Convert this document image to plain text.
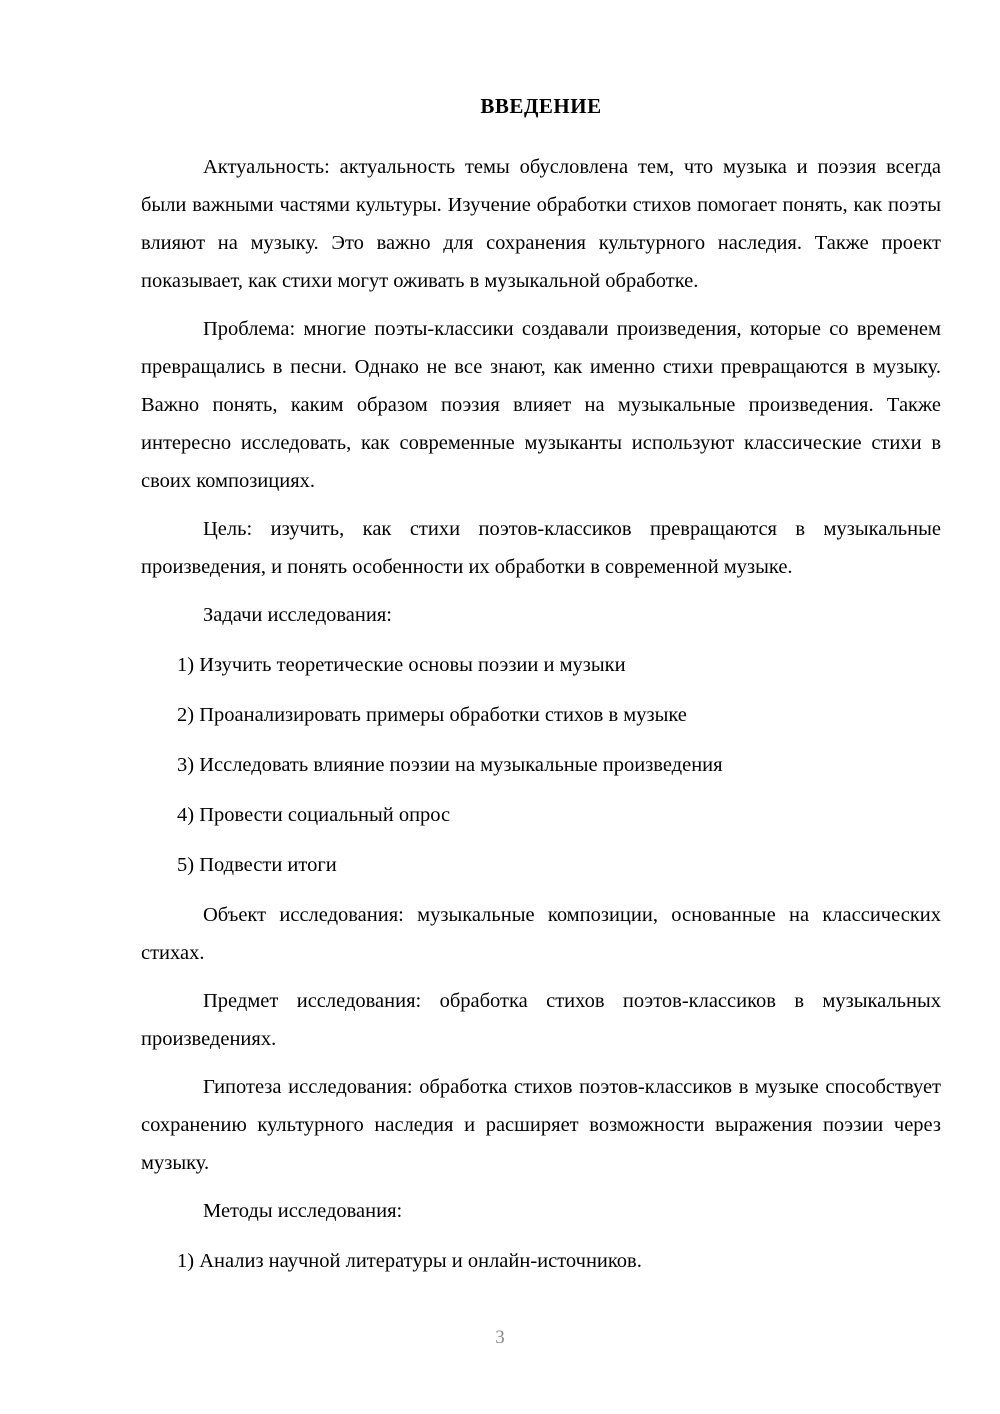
ВВЕДЕНИЕ

Актуальность: актуальность темы обусловлена тем, что музыка и поэзия всегда были важными частями культуры. Изучение обработки стихов помогает понять, как поэты влияют на музыку. Это важно для сохранения культурного наследия. Также проект показывает, как стихи могут оживать в музыкальной обработке.

Проблема: многие поэты-классики создавали произведения, которые со временем превращались в песни. Однако не все знают, как именно стихи превращаются в музыку. Важно понять, каким образом поэзия влияет на музыкальные произведения. Также интересно исследовать, как современные музыканты используют классические стихи в своих композициях.

Цель: изучить, как стихи поэтов-классиков превращаются в музыкальные произведения, и понять особенности их обработки в современной музыке.

Задачи исследования:

1) Изучить теоретические основы поэзии и музыки

2) Проанализировать примеры обработки стихов в музыке

3) Исследовать влияние поэзии на музыкальные произведения

4) Провести социальный опрос

5) Подвести итоги

Объект исследования: музыкальные композиции, основанные на классических стихах.

Предмет исследования: обработка стихов поэтов-классиков в музыкальных произведениях.

Гипотеза исследования: обработка стихов поэтов-классиков в музыке способствует сохранению культурного наследия и расширяет возможности выражения поэзии через музыку.

Методы исследования:

1) Анализ научной литературы и онлайн-источников.

3
